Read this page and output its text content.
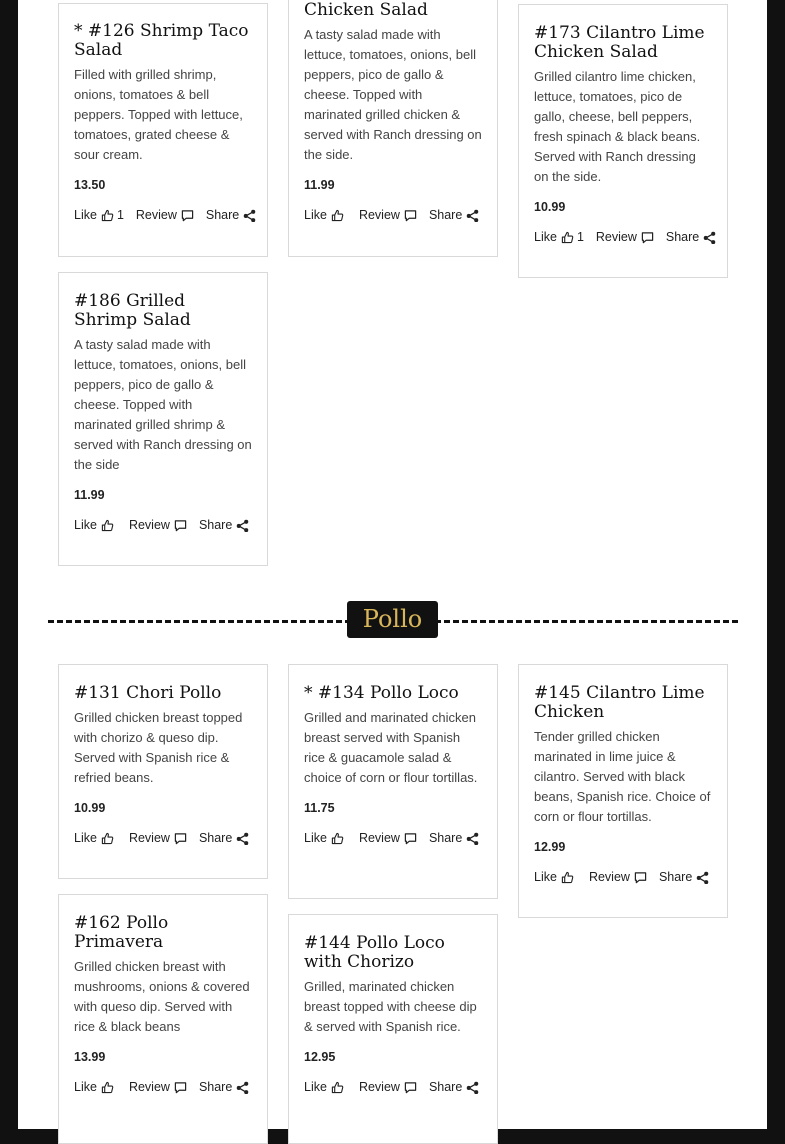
* #126 Shrimp Taco Salad
Filled with grilled shrimp, onions, tomatoes & bell peppers. Topped with lettuce, tomatoes, grated cheese & sour cream.
13.50
Like 1 Review Share
Chicken Salad
A tasty salad made with lettuce, tomatoes, onions, bell peppers, pico de gallo & cheese. Topped with marinated grilled chicken & served with Ranch dressing on the side.
11.99
Like	Review Share
#173 Cilantro Lime Chicken Salad
Grilled cilantro lime chicken, lettuce, tomatoes, pico de gallo, cheese, bell peppers, fresh spinach & black beans. Served with Ranch dressing on the side.
10.99
Like 1 Review Share
#186 Grilled Shrimp Salad
A tasty salad made with lettuce, tomatoes, onions, bell peppers, pico de gallo & cheese. Topped with marinated grilled shrimp & served with Ranch dressing on the side
11.99
Like	Review Share
Pollo
#131 Chori Pollo
Grilled chicken breast topped with chorizo & queso dip. Served with Spanish rice & refried beans.
10.99
Like	Review Share
* #134 Pollo Loco
Grilled and marinated chicken breast served with Spanish rice & guacamole salad & choice of corn or flour tortillas.
11.75
Like	Review Share
#145 Cilantro Lime Chicken
Tender grilled chicken marinated in lime juice & cilantro. Served with black beans, Spanish rice. Choice of corn or flour tortillas.
12.99
Like	Review Share
#162 Pollo Primavera
Grilled chicken breast with mushrooms, onions & covered with queso dip. Served with rice & black beans
13.99
Like	Review Share
#144 Pollo Loco with Chorizo
Grilled, marinated chicken breast topped with cheese dip & served with Spanish rice.
12.95
Like	Review Share
